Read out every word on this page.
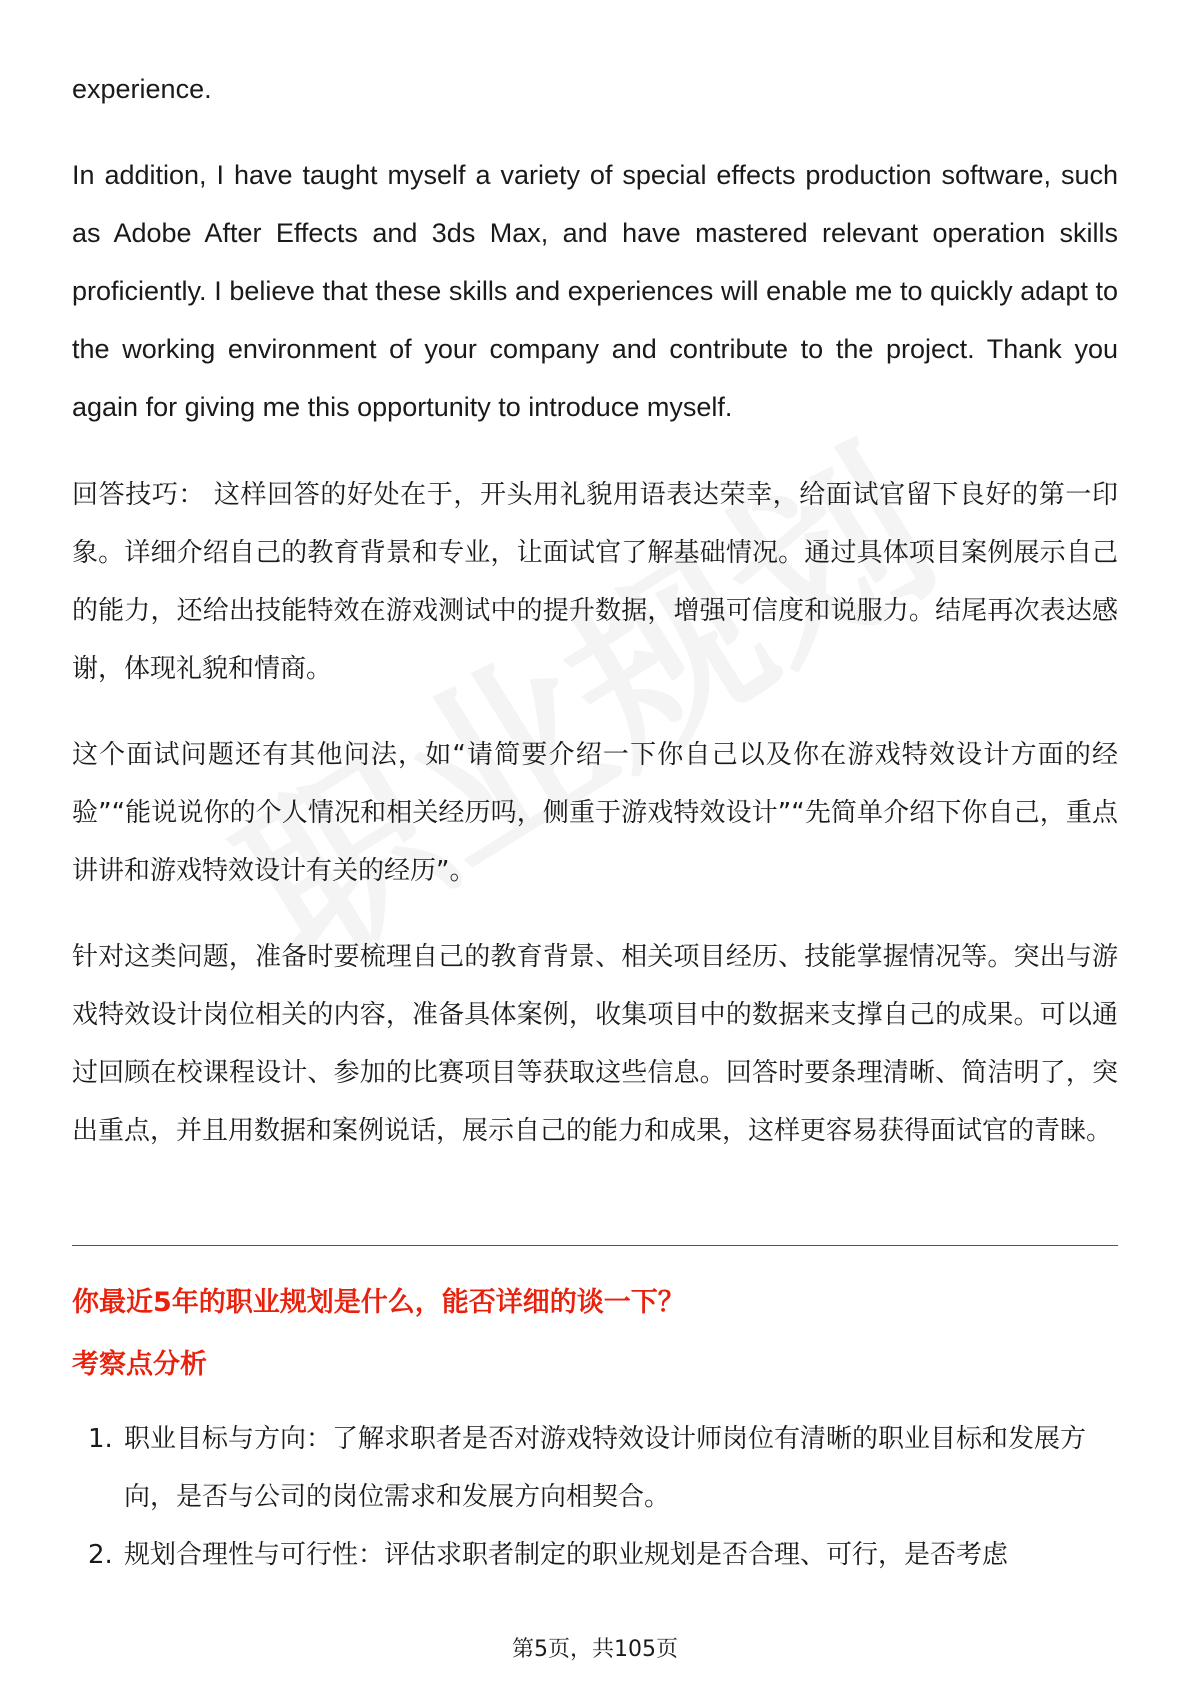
experience.

In addition, I have taught myself a variety of special effects production software, such as Adobe After Effects and 3ds Max, and have mastered relevant operation skills proficiently. I believe that these skills and experiences will enable me to quickly adapt to the working environment of your company and contribute to the project. Thank you again for giving me this opportunity to introduce myself.

回答技巧： 这样回答的好处在于，开头用礼貌用语表达荣幸，给面试官留下良好的第一印象。详细介绍自己的教育背景和专业，让面试官了解基础情况。通过具体项目案例展示自己的能力，还给出技能特效在游戏测试中的提升数据，增强可信度和说服力。结尾再次表达感谢，体现礼貌和情商。

这个面试问题还有其他问法，如“请简要介绍一下你自己以及你在游戏特效设计方面的经验”“能说说你的个人情况和相关经历吗，侧重于游戏特效设计”“先简单介绍下你自己，重点讲讲和游戏特效设计有关的经历”。

针对这类问题，准备时要梳理自己的教育背景、相关项目经历、技能掌握情况等。突出与游戏特效设计岗位相关的内容，准备具体案例，收集项目中的数据来支撑自己的成果。可以通过回顾在校课程设计、参加的比赛项目等获取这些信息。回答时要条理清晰、简洁明了，突出重点，并且用数据和案例说话，展示自己的能力和成果，这样更容易获得面试官的青睐。

你最近5年的职业规划是什么，能否详细的谈一下？
考察点分析
1. 职业目标与方向：了解求职者是否对游戏特效设计师岗位有清晰的职业目标和发展方向，是否与公司的岗位需求和发展方向相契合。
2. 规划合理性与可行性：评估求职者制定的职业规划是否合理、可行，是否考虑
第5页，共105页
